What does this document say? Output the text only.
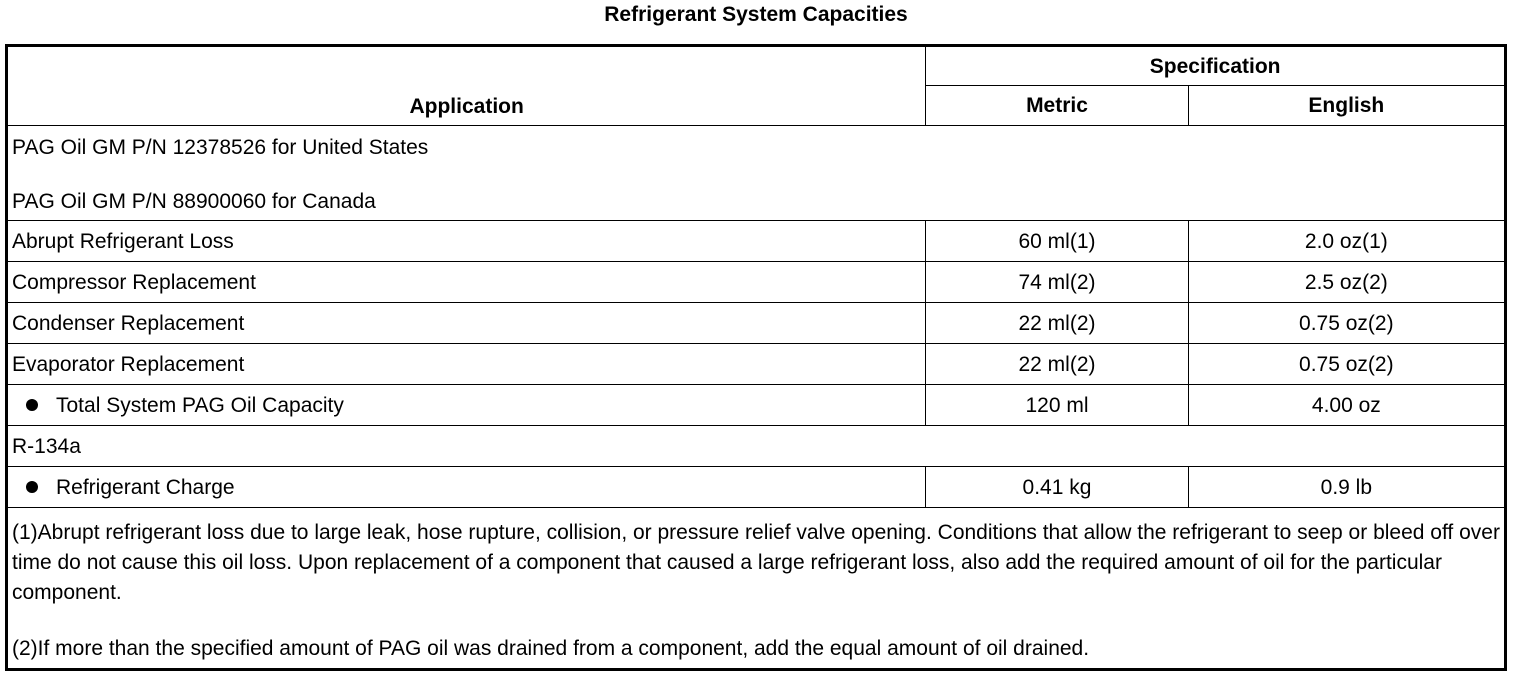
Refrigerant System Capacities
Application	Specification	
	Metric	English

PAG Oil GM P/N 12378526 for United States
PAG Oil GM P/N 88900060 for Canada		

Abrupt Refrigerant Loss	60 ml(1)	2.0 oz(1)
Compressor Replacement	74 ml(2)	2.5 oz(2)
Condenser Replacement	22 ml(2)	0.75 oz(2)
Evaporator Replacement	22 ml(2)	0.75 oz(2)
Total System PAG Oil Capacity	120 ml	4.00 oz
R-134a		
Refrigerant Charge	0.41 kg	0.9 lb

(1)Abrupt refrigerant loss due to large leak, hose rupture, collision, or pressure relief valve opening. Conditions that allow the refrigerant to seep or bleed off over time do not cause this oil loss. Upon replacement of a component that caused a large refrigerant loss, also add the required amount of oil for the particular component.
(2)If more than the specified amount of PAG oil was drained from a component, add the equal amount of oil drained.		
